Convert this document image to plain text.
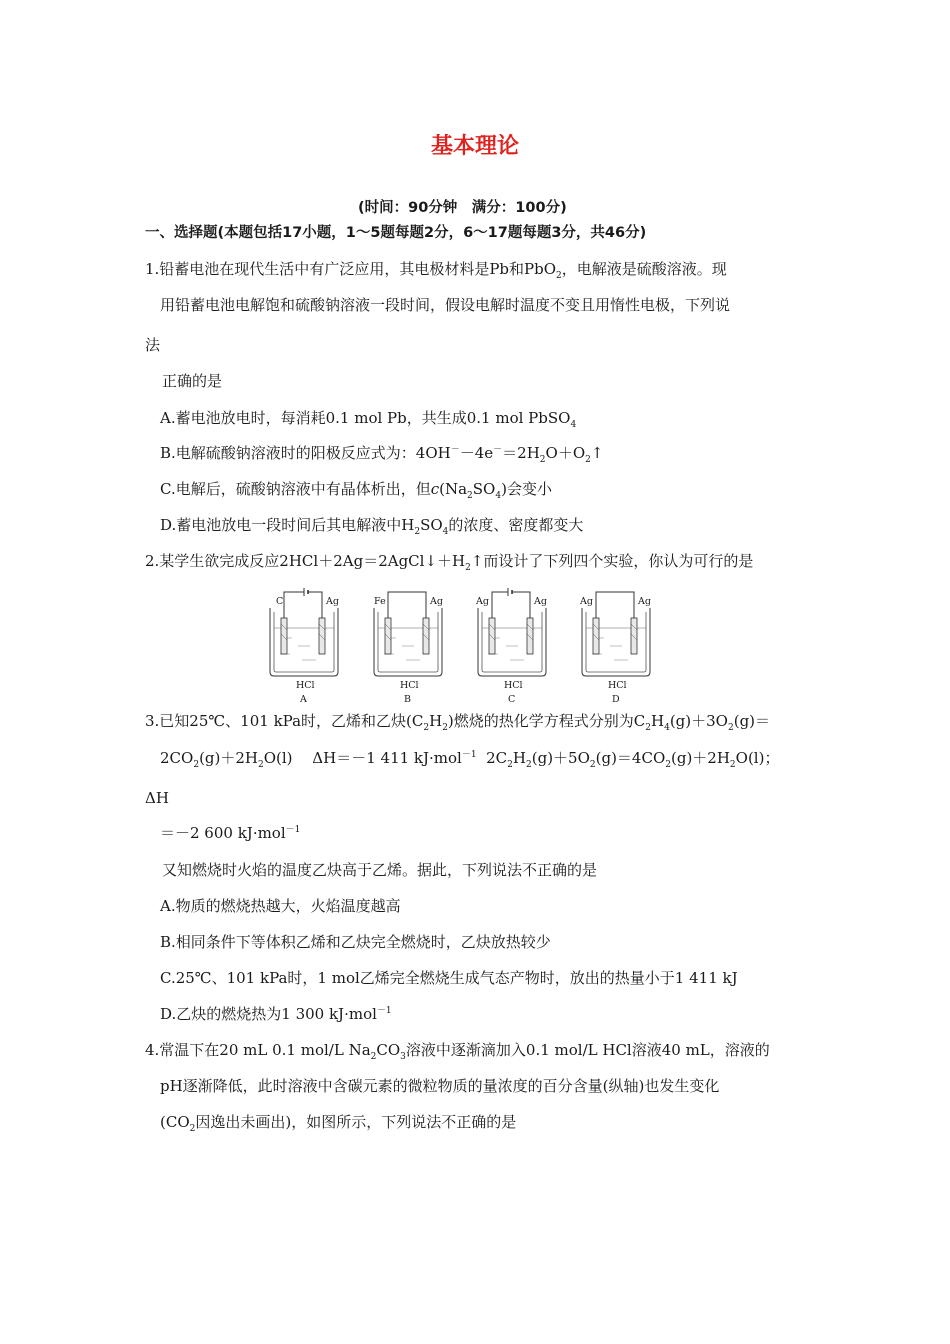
基本理论
(时间：90分钟　满分：100分)
一、选择题(本题包括17小题，1～5题每题2分，6～17题每题3分，共46分)
1.铅蓄电池在现代生活中有广泛应用，其电极材料是Pb和PbO$_2$，电解液是硫酸溶液。现
用铅蓄电池电解饱和硫酸钠溶液一段时间，假设电解时温度不变且用惰性电极，下列说
法
正确的是
A.蓄电池放电时，每消耗0.1 mol Pb，共生成0.1 mol PbSO$_4$
B.电解硫酸钠溶液时的阳极反应式为：$4OH^--4e^-=2H_2O+O_2↑$
C.电解后，硫酸钠溶液中有晶体析出，但$c(Na_2SO_4)$会变小
D.蓄电池放电一段时间后其电解液中$H_2SO_4$的浓度、密度都变大
2.某学生欲完成反应$2HCl+2Ag=2AgCl↓+H_2↑$而设计了下列四个实验，你认为可行的是
C	Ag
HCl
A
Fe	Ag
HCl
B
Ag	Ag
HCl
C
Ag	Ag
HCl
D
3.已知25℃、101 kPa时，乙烯和乙炔$(C_2H_2)$燃烧的热化学方程式分别为$C_2H_4(g)+3O_2(g)=$
$2CO_2(g)+2H_2O(l)$　 ΔH＝－1 411 kJ·mol$^{-1}$ $2C_2H_2(g)+5O_2(g)=4CO_2(g)+2H_2O(l)$；
ΔH
＝－2 600 kJ·mol$^{-1}$
又知燃烧时火焰的温度乙炔高于乙烯。据此，下列说法不正确的是
A.物质的燃烧热越大，火焰温度越高
B.相同条件下等体积乙烯和乙炔完全燃烧时，乙炔放热较少
C.25℃、101 kPa时，1 mol乙烯完全燃烧生成气态产物时，放出的热量小于1 411 kJ
D.乙炔的燃烧热为1 300 kJ·mol$^{-1}$
4.常温下在20 mL 0.1 mol/L $Na_2CO_3$溶液中逐渐滴加入0.1 mol/L HCl溶液40 mL，溶液的
pH逐渐降低，此时溶液中含碳元素的微粒物质的量浓度的百分含量(纵轴)也发生变化
($CO_2$因逸出未画出)，如图所示，下列说法不正确的是
